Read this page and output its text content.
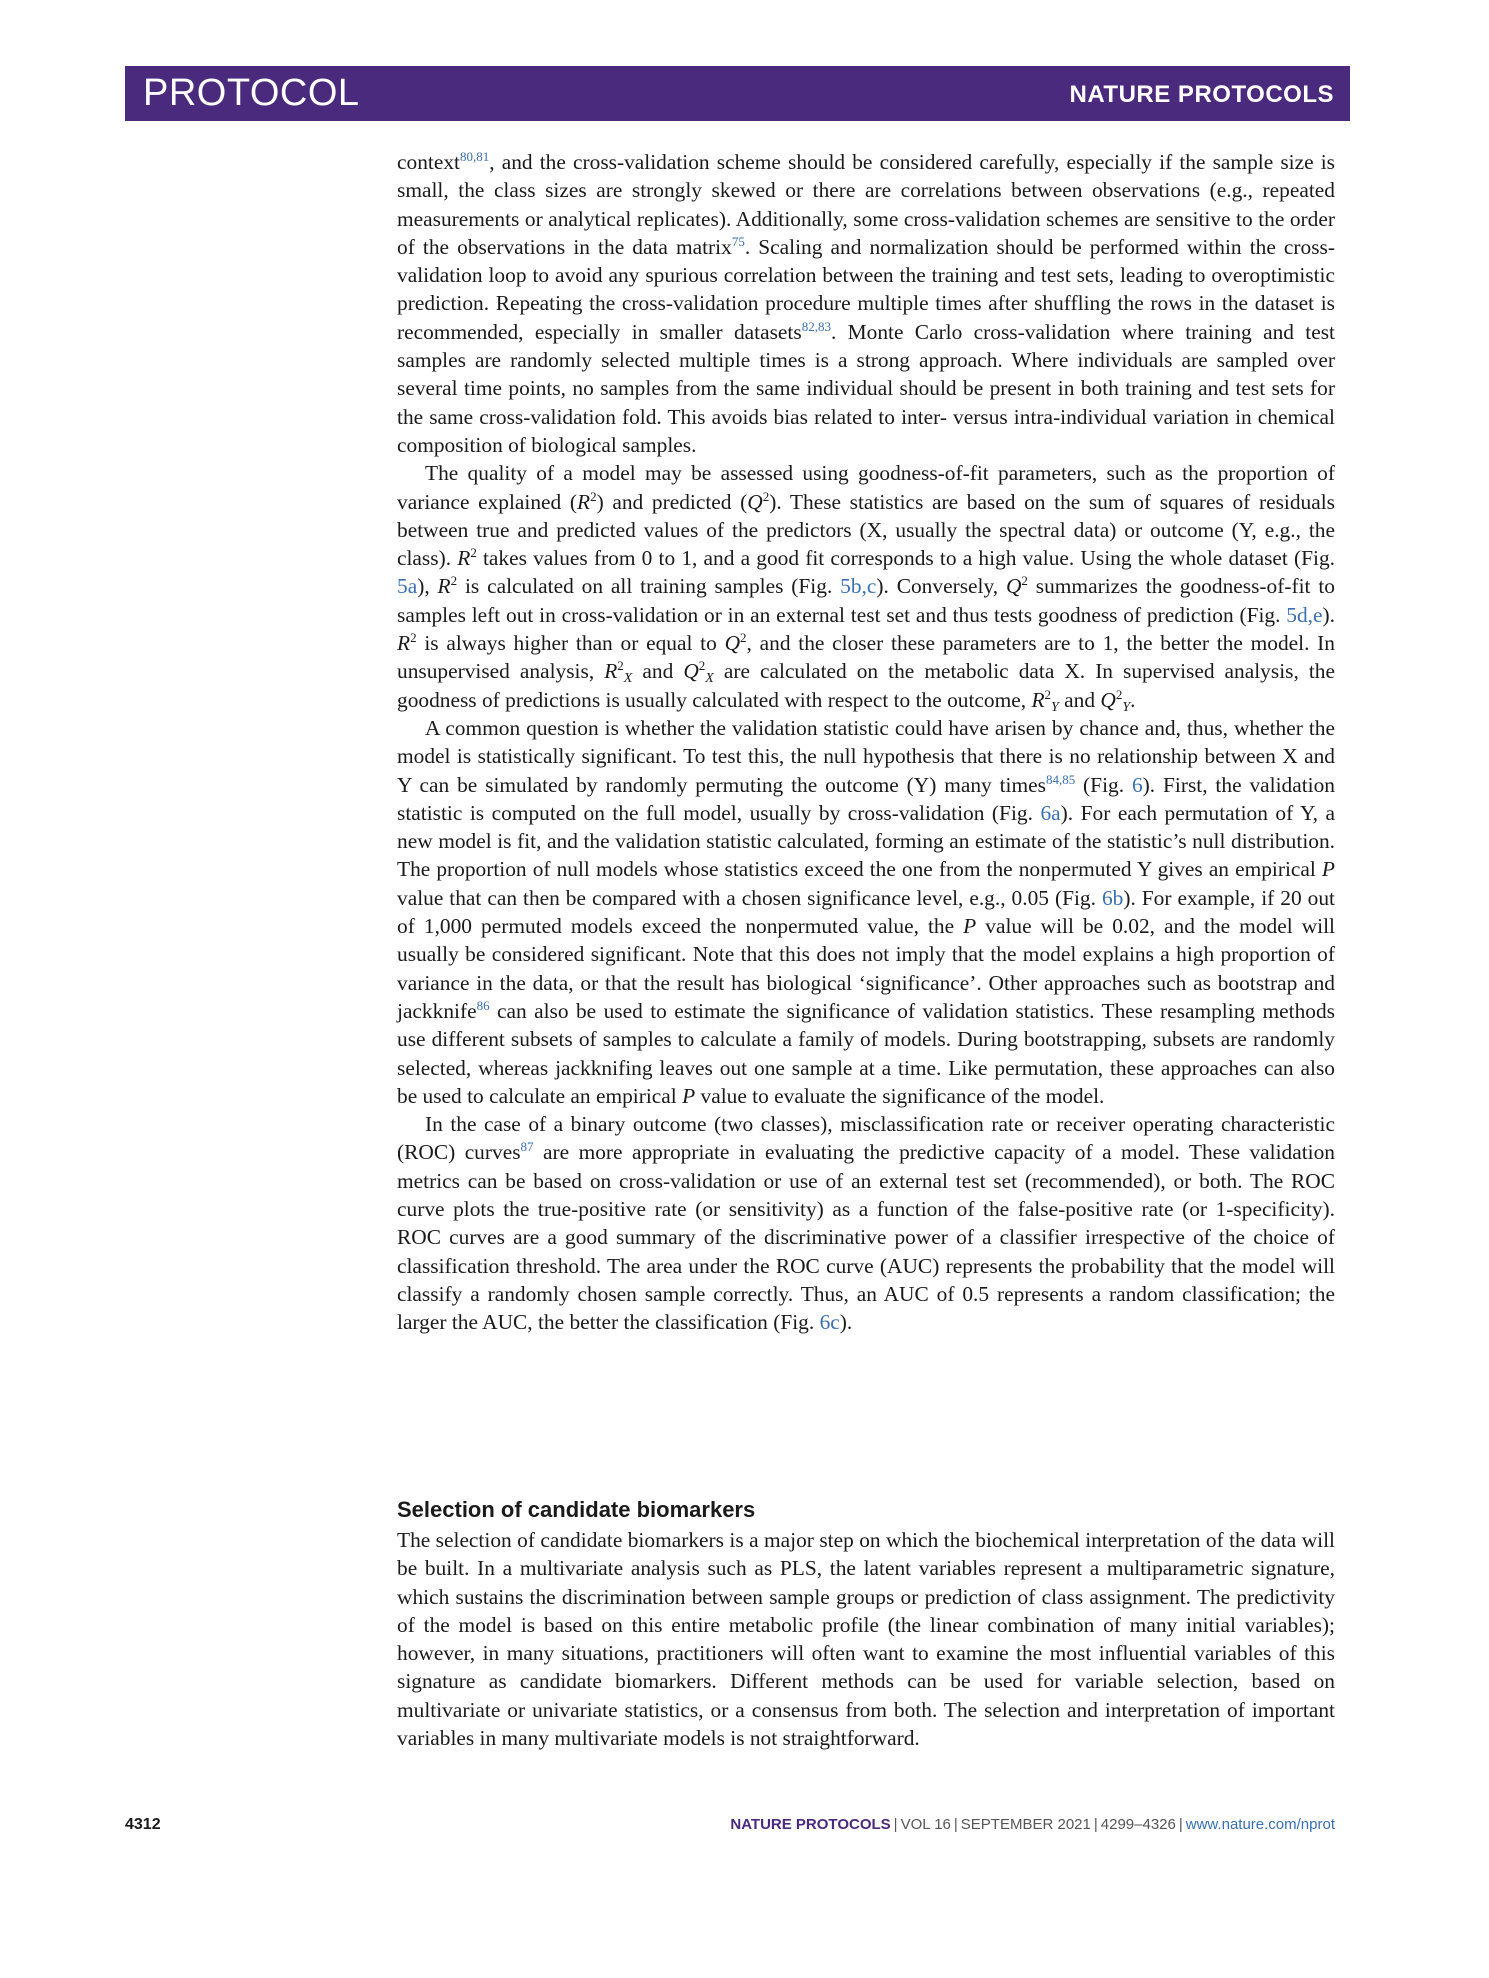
PROTOCOL	NATURE PROTOCOLS

context$^{80,81}$, and the cross-validation scheme should be considered carefully, especially if the sample size is small, the class sizes are strongly skewed or there are correlations between observations (e.g., repeated measurements or analytical replicates). Additionally, some cross-validation schemes are sensitive to the order of the observations in the data matrix$^{75}$. Scaling and normalization should be performed within the cross-validation loop to avoid any spurious correlation between the training and test sets, leading to overoptimistic prediction. Repeating the cross-validation procedure multiple times after shuffling the rows in the dataset is recommended, especially in smaller datasets$^{82,83}$. Monte Carlo cross-validation where training and test samples are randomly selected multiple times is a strong approach. Where individuals are sampled over several time points, no samples from the same individual should be present in both training and test sets for the same cross-validation fold. This avoids bias related to inter- versus intra-individual variation in chemical composition of biological samples.

The quality of a model may be assessed using goodness-of-fit parameters, such as the proportion of variance explained $(R^2)$ and predicted $(Q^2)$. These statistics are based on the sum of squares of residuals between true and predicted values of the predictors (X, usually the spectral data) or outcome (Y, e.g., the class). $R^2$ takes values from 0 to 1, and a good fit corresponds to a high value. Using the whole dataset (Fig. 5a), $R^2$ is calculated on all training samples (Fig. 5b,c). Conversely, $Q^2$ summarizes the goodness-of-fit to samples left out in cross-validation or in an external test set and thus tests goodness of prediction (Fig. 5d,e). $R^2$ is always higher than or equal to $Q^2$, and the closer these parameters are to 1, the better the model. In unsupervised analysis, $R^2_X$ and $Q^2_X$ are calculated on the metabolic data X. In supervised analysis, the goodness of predictions is usually calculated with respect to the outcome, $R^2_Y$ and $Q^2_Y$.

A common question is whether the validation statistic could have arisen by chance and, thus, whether the model is statistically significant. To test this, the null hypothesis that there is no relationship between X and Y can be simulated by randomly permuting the outcome (Y) many times$^{84,85}$ (Fig. 6). First, the validation statistic is computed on the full model, usually by cross-validation (Fig. 6a). For each permutation of Y, a new model is fit, and the validation statistic calculated, forming an estimate of the statistic’s null distribution. The proportion of null models whose statistics exceed the one from the nonpermuted Y gives an empirical P value that can then be compared with a chosen significance level, e.g., 0.05 (Fig. 6b). For example, if 20 out of 1,000 permuted models exceed the nonpermuted value, the P value will be 0.02, and the model will usually be considered significant. Note that this does not imply that the model explains a high proportion of variance in the data, or that the result has biological ‘significance’. Other approaches such as bootstrap and jackknife$^{86}$ can also be used to estimate the significance of validation statistics. These resampling methods use different subsets of samples to calculate a family of models. During bootstrapping, subsets are randomly selected, whereas jackknifing leaves out one sample at a time. Like permutation, these approaches can also be used to calculate an empirical P value to evaluate the significance of the model.

In the case of a binary outcome (two classes), misclassification rate or receiver operating characteristic (ROC) curves$^{87}$ are more appropriate in evaluating the predictive capacity of a model. These validation metrics can be based on cross-validation or use of an external test set (recommended), or both. The ROC curve plots the true-positive rate (or sensitivity) as a function of the false-positive rate (or 1-specificity). ROC curves are a good summary of the discriminative power of a classifier irrespective of the choice of classification threshold. The area under the ROC curve (AUC) represents the probability that the model will classify a randomly chosen sample correctly. Thus, an AUC of 0.5 represents a random classification; the larger the AUC, the better the classification (Fig. 6c).

Selection of candidate biomarkers

The selection of candidate biomarkers is a major step on which the biochemical interpretation of the data will be built. In a multivariate analysis such as PLS, the latent variables represent a multiparametric signature, which sustains the discrimination between sample groups or prediction of class assignment. The predictivity of the model is based on this entire metabolic profile (the linear combination of many initial variables); however, in many situations, practitioners will often want to examine the most influential variables of this signature as candidate biomarkers. Different methods can be used for variable selection, based on multivariate or univariate statistics, or a consensus from both. The selection and interpretation of important variables in many multivariate models is not straightforward.

4312	NATURE PROTOCOLS | VOL 16 | SEPTEMBER 2021 | 4299–4326 | www.nature.com/nprot
